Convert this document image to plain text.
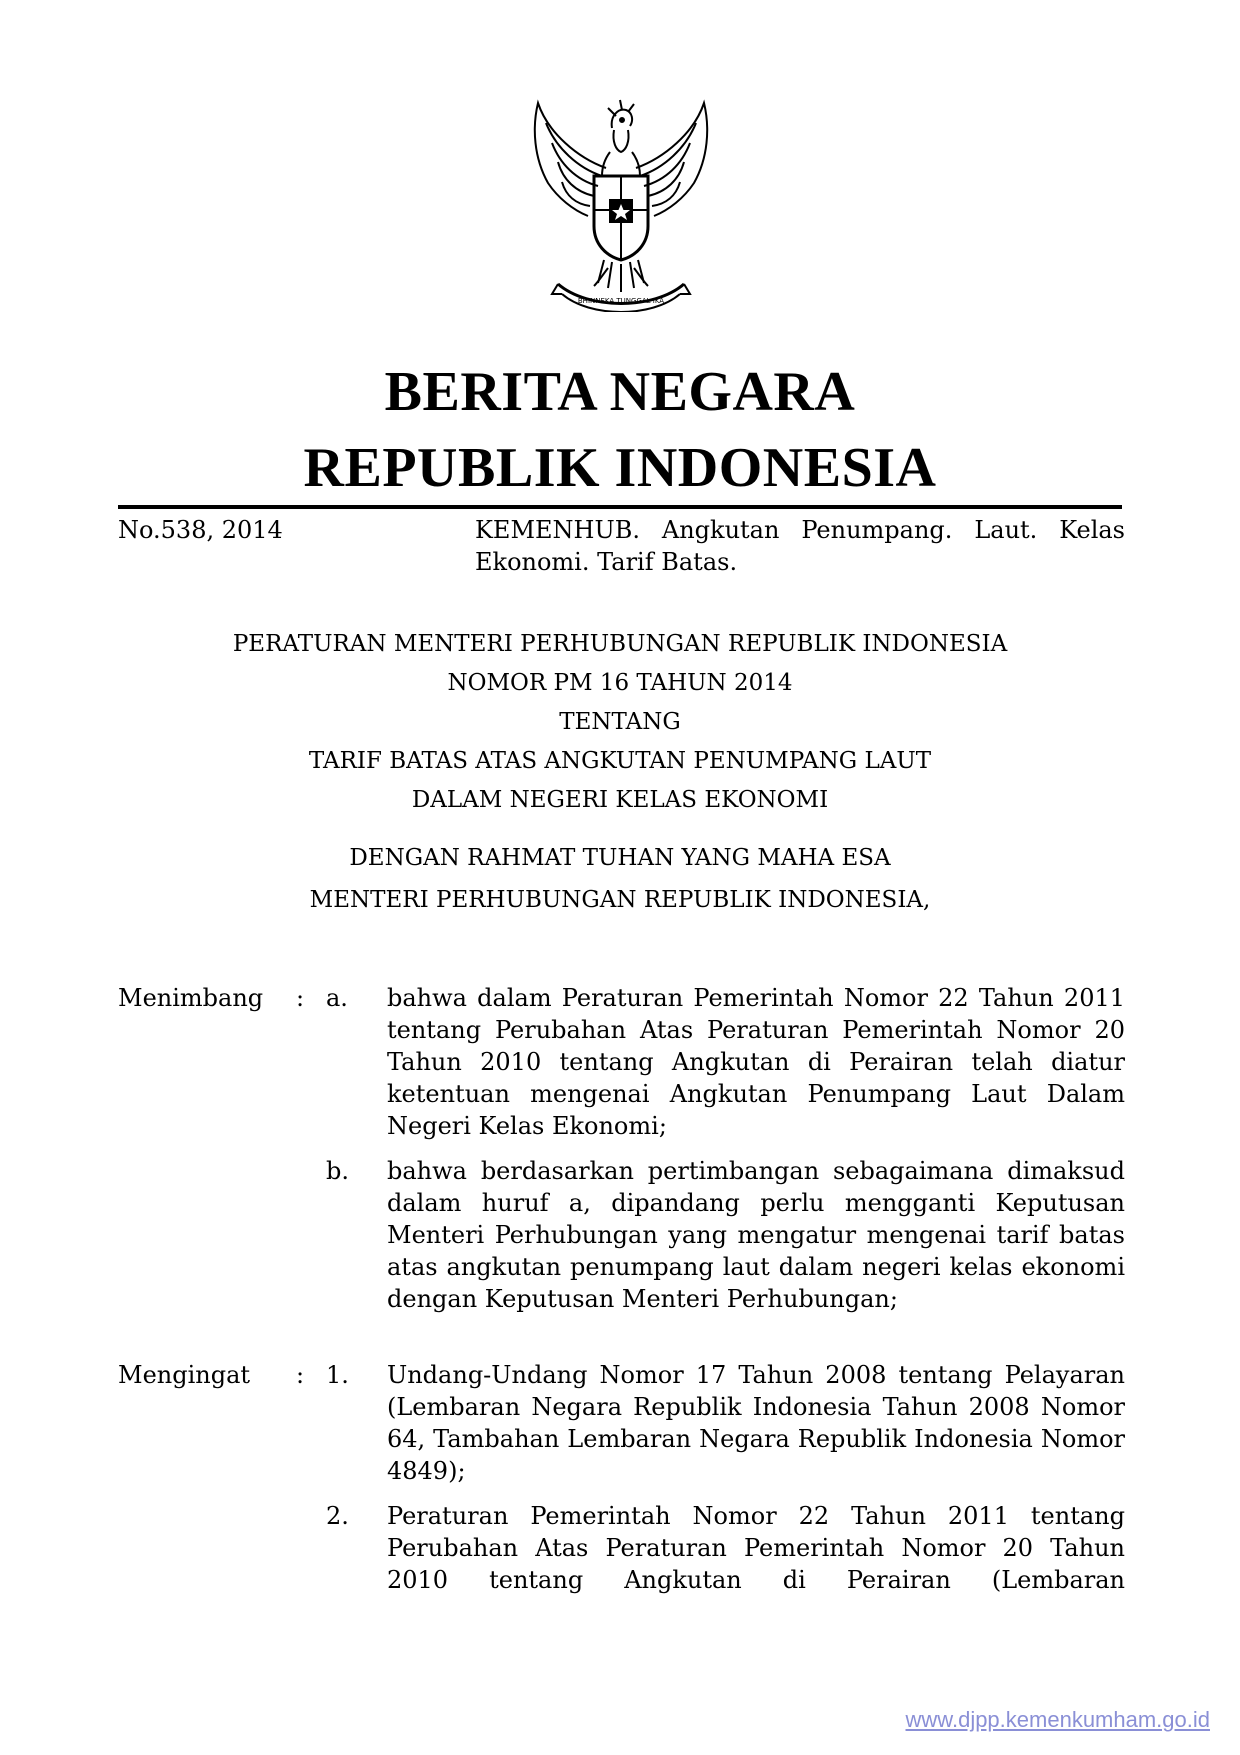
BHINNEKA TUNGGAL IKA
BERITA NEGARA
REPUBLIK INDONESIA
No.538, 2014	KEMENHUB. Angkutan Penumpang. Laut. Kelas Ekonomi. Tarif Batas.
PERATURAN MENTERI PERHUBUNGAN REPUBLIK INDONESIA
NOMOR PM 16 TAHUN 2014
TENTANG
TARIF BATAS ATAS ANGKUTAN PENUMPANG LAUT
DALAM NEGERI KELAS EKONOMI
DENGAN RAHMAT TUHAN YANG MAHA ESA
MENTERI PERHUBUNGAN REPUBLIK INDONESIA,
Menimbang : a. bahwa dalam Peraturan Pemerintah Nomor 22 Tahun 2011 tentang Perubahan Atas Peraturan Pemerintah Nomor 20 Tahun 2010 tentang Angkutan di Perairan telah diatur ketentuan mengenai Angkutan Penumpang Laut Dalam Negeri Kelas Ekonomi;
b. bahwa berdasarkan pertimbangan sebagaimana dimaksud dalam huruf a, dipandang perlu mengganti Keputusan Menteri Perhubungan yang mengatur mengenai tarif batas atas angkutan penumpang laut dalam negeri kelas ekonomi dengan Keputusan Menteri Perhubungan;
Mengingat : 1. Undang-Undang Nomor 17 Tahun 2008 tentang Pelayaran (Lembaran Negara Republik Indonesia Tahun 2008 Nomor 64, Tambahan Lembaran Negara Republik Indonesia Nomor 4849);
2. Peraturan Pemerintah Nomor 22 Tahun 2011 tentang Perubahan Atas Peraturan Pemerintah Nomor 20 Tahun 2010 tentang Angkutan di Perairan (Lembaran
www.djpp.kemenkumham.go.id
